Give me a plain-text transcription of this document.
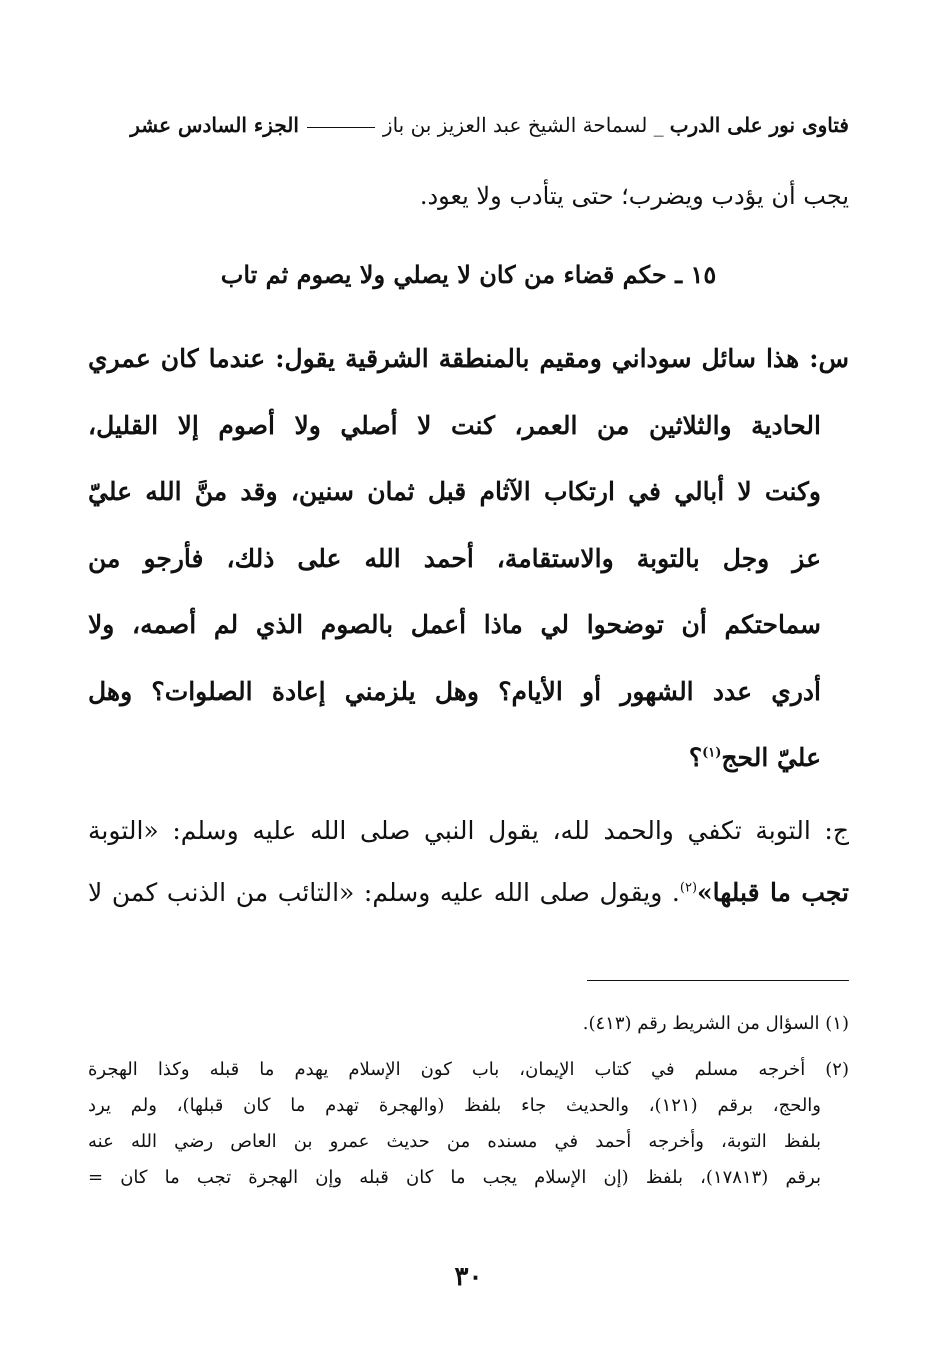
فتاوى نور على الدرب
_ لسماحة الشيخ عبد العزيز بن باز
الجزء السادس عشر
يجب أن يؤدب ويضرب؛ حتى يتأدب ولا يعود.
١٥ ـ حكم قضاء من كان لا يصلي ولا يصوم ثم تاب
س: هذا سائل سوداني ومقيم بالمنطقة الشرقية يقول: عندما كان عمري
الحادية والثلاثين من العمر، كنت لا أصلي ولا أصوم إلا القليل،
وكنت لا أبالي في ارتكاب الآثام قبل ثمان سنين، وقد منَّ الله عليّ
عز وجل بالتوبة والاستقامة، أحمد الله على ذلك، فأرجو من
سماحتكم أن توضحوا لي ماذا أعمل بالصوم الذي لم أصمه، ولا
أدري عدد الشهور أو الأيام؟ وهل يلزمني إعادة الصلوات؟ وهل
عليّ الحج$^{(١)}$؟
ج: التوبة تكفي والحمد لله، يقول النبي صلى الله عليه وسلم: «التوبة
تجب ما قبلها»$^{(٢)}$. ويقول صلى الله عليه وسلم: «التائب من الذنب كمن لا
(١) السؤال من الشريط رقم (٤١٣).
(٢) أخرجه مسلم في كتاب الإيمان، باب كون الإسلام يهدم ما قبله وكذا الهجرة
والحج، برقم (١٢١)، والحديث جاء بلفظ (والهجرة تهدم ما كان قبلها)، ولم يرد
بلفظ التوبة، وأخرجه أحمد في مسنده من حديث عمرو بن العاص رضي الله عنه
برقم (١٧٨١٣)، بلفظ (إن الإسلام يجب ما كان قبله وإن الهجرة تجب ما كان =
٣٠
